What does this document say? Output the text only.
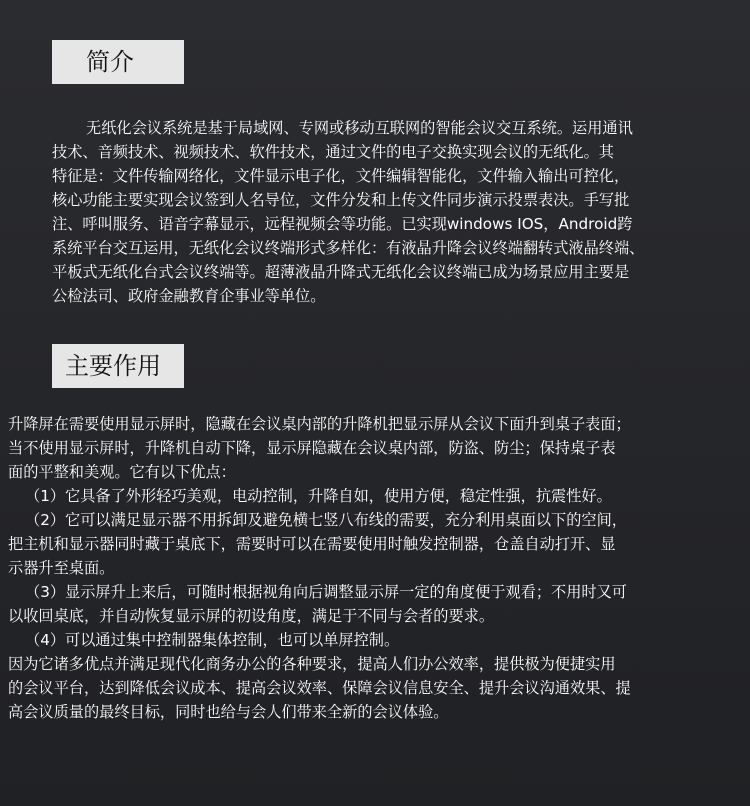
简介
无纸化会议系统是基于局域网、专网或移动互联网的智能会议交互系统。运用通讯
技术、音频技术、视频技术、软件技术，通过文件的电子交换实现会议的无纸化。其
特征是：文件传输网络化，文件显示电子化，文件编辑智能化，文件输入输出可控化，
核心功能主要实现会议签到人名导位，文件分发和上传文件同步演示投票表决。手写批
注、呼叫服务、语音字幕显示，远程视频会等功能。已实现windows IOS，Android跨
系统平台交互运用，无纸化会议终端形式多样化：有液晶升降会议终端翻转式液晶终端、
平板式无纸化台式会议终端等。超薄液晶升降式无纸化会议终端已成为场景应用主要是
公检法司、政府金融教育企事业等单位。
主要作用
升降屏在需要使用显示屏时，隐藏在会议桌内部的升降机把显示屏从会议下面升到桌子表面；
当不使用显示屏时，升降机自动下降，显示屏隐藏在会议桌内部，防盗、防尘；保持桌子表
面的平整和美观。它有以下优点：
（1）它具备了外形轻巧美观，电动控制，升降自如，使用方便，稳定性强，抗震性好。
（2）它可以满足显示器不用拆卸及避免横七竖八布线的需要，充分利用桌面以下的空间，
把主机和显示器同时藏于桌底下，需要时可以在需要使用时触发控制器，仓盖自动打开、显
示器升至桌面。
（3）显示屏升上来后，可随时根据视角向后调整显示屏一定的角度便于观看；不用时又可
以收回桌底，并自动恢复显示屏的初设角度，满足于不同与会者的要求。
（4）可以通过集中控制器集体控制，也可以单屏控制。
因为它诸多优点并满足现代化商务办公的各种要求，提高人们办公效率，提供极为便捷实用
的会议平台，达到降低会议成本、提高会议效率、保障会议信息安全、提升会议沟通效果、提
高会议质量的最终目标，同时也给与会人们带来全新的会议体验。
